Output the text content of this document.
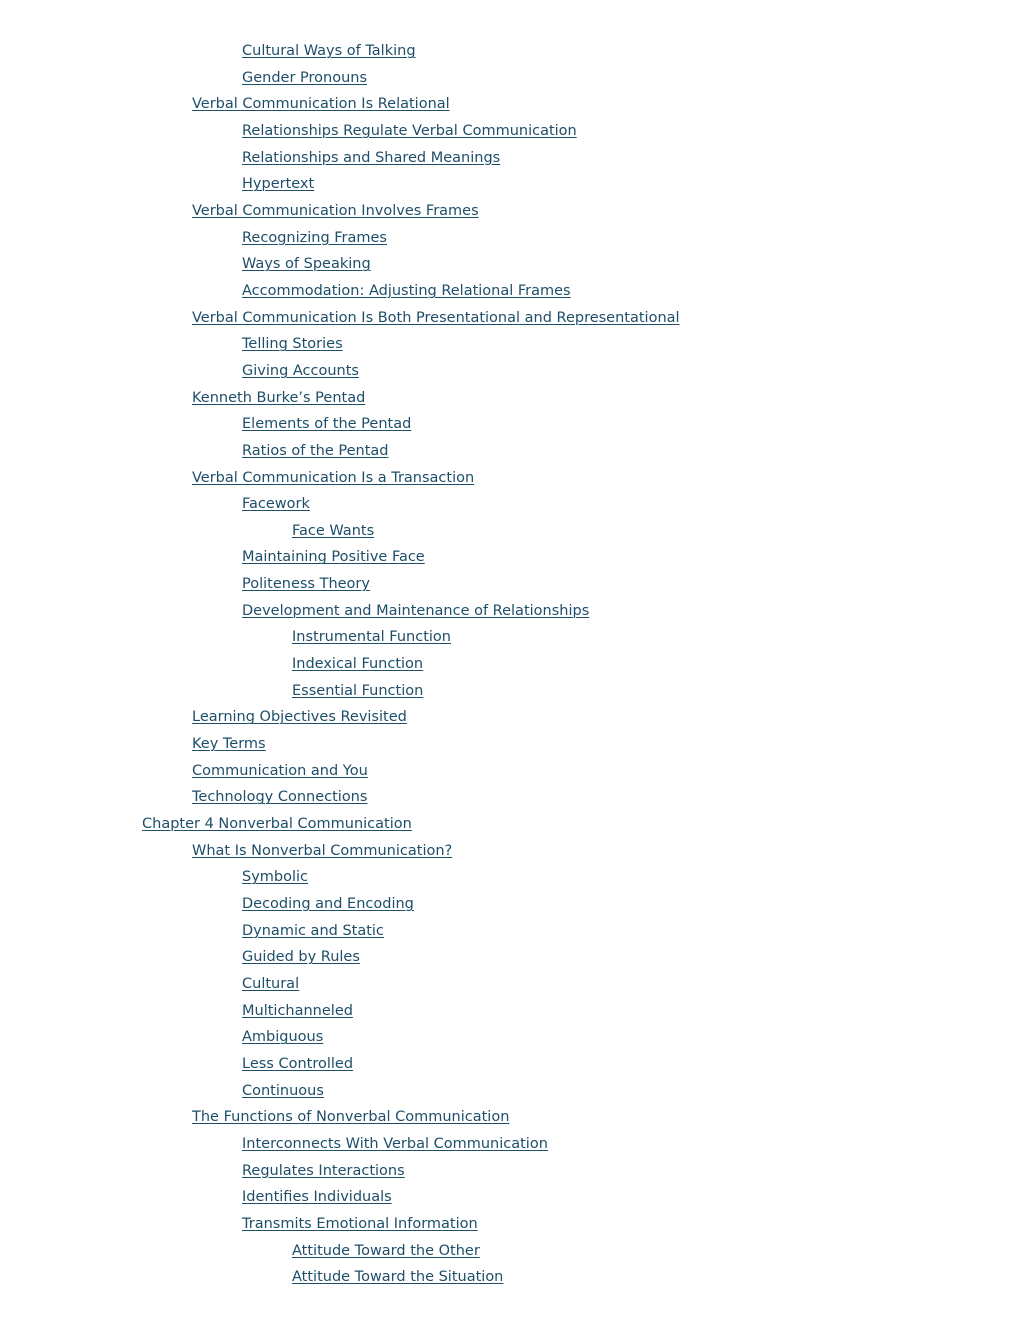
Cultural Ways of Talking
Gender Pronouns
Verbal Communication Is Relational
Relationships Regulate Verbal Communication
Relationships and Shared Meanings
Hypertext
Verbal Communication Involves Frames
Recognizing Frames
Ways of Speaking
Accommodation: Adjusting Relational Frames
Verbal Communication Is Both Presentational and Representational
Telling Stories
Giving Accounts
Kenneth Burke’s Pentad
Elements of the Pentad
Ratios of the Pentad
Verbal Communication Is a Transaction
Facework
Face Wants
Maintaining Positive Face
Politeness Theory
Development and Maintenance of Relationships
Instrumental Function
Indexical Function
Essential Function
Learning Objectives Revisited
Key Terms
Communication and You
Technology Connections
Chapter 4 Nonverbal Communication
What Is Nonverbal Communication?
Symbolic
Decoding and Encoding
Dynamic and Static
Guided by Rules
Cultural
Multichanneled
Ambiguous
Less Controlled
Continuous
The Functions of Nonverbal Communication
Interconnects With Verbal Communication
Regulates Interactions
Identifies Individuals
Transmits Emotional Information
Attitude Toward the Other
Attitude Toward the Situation
